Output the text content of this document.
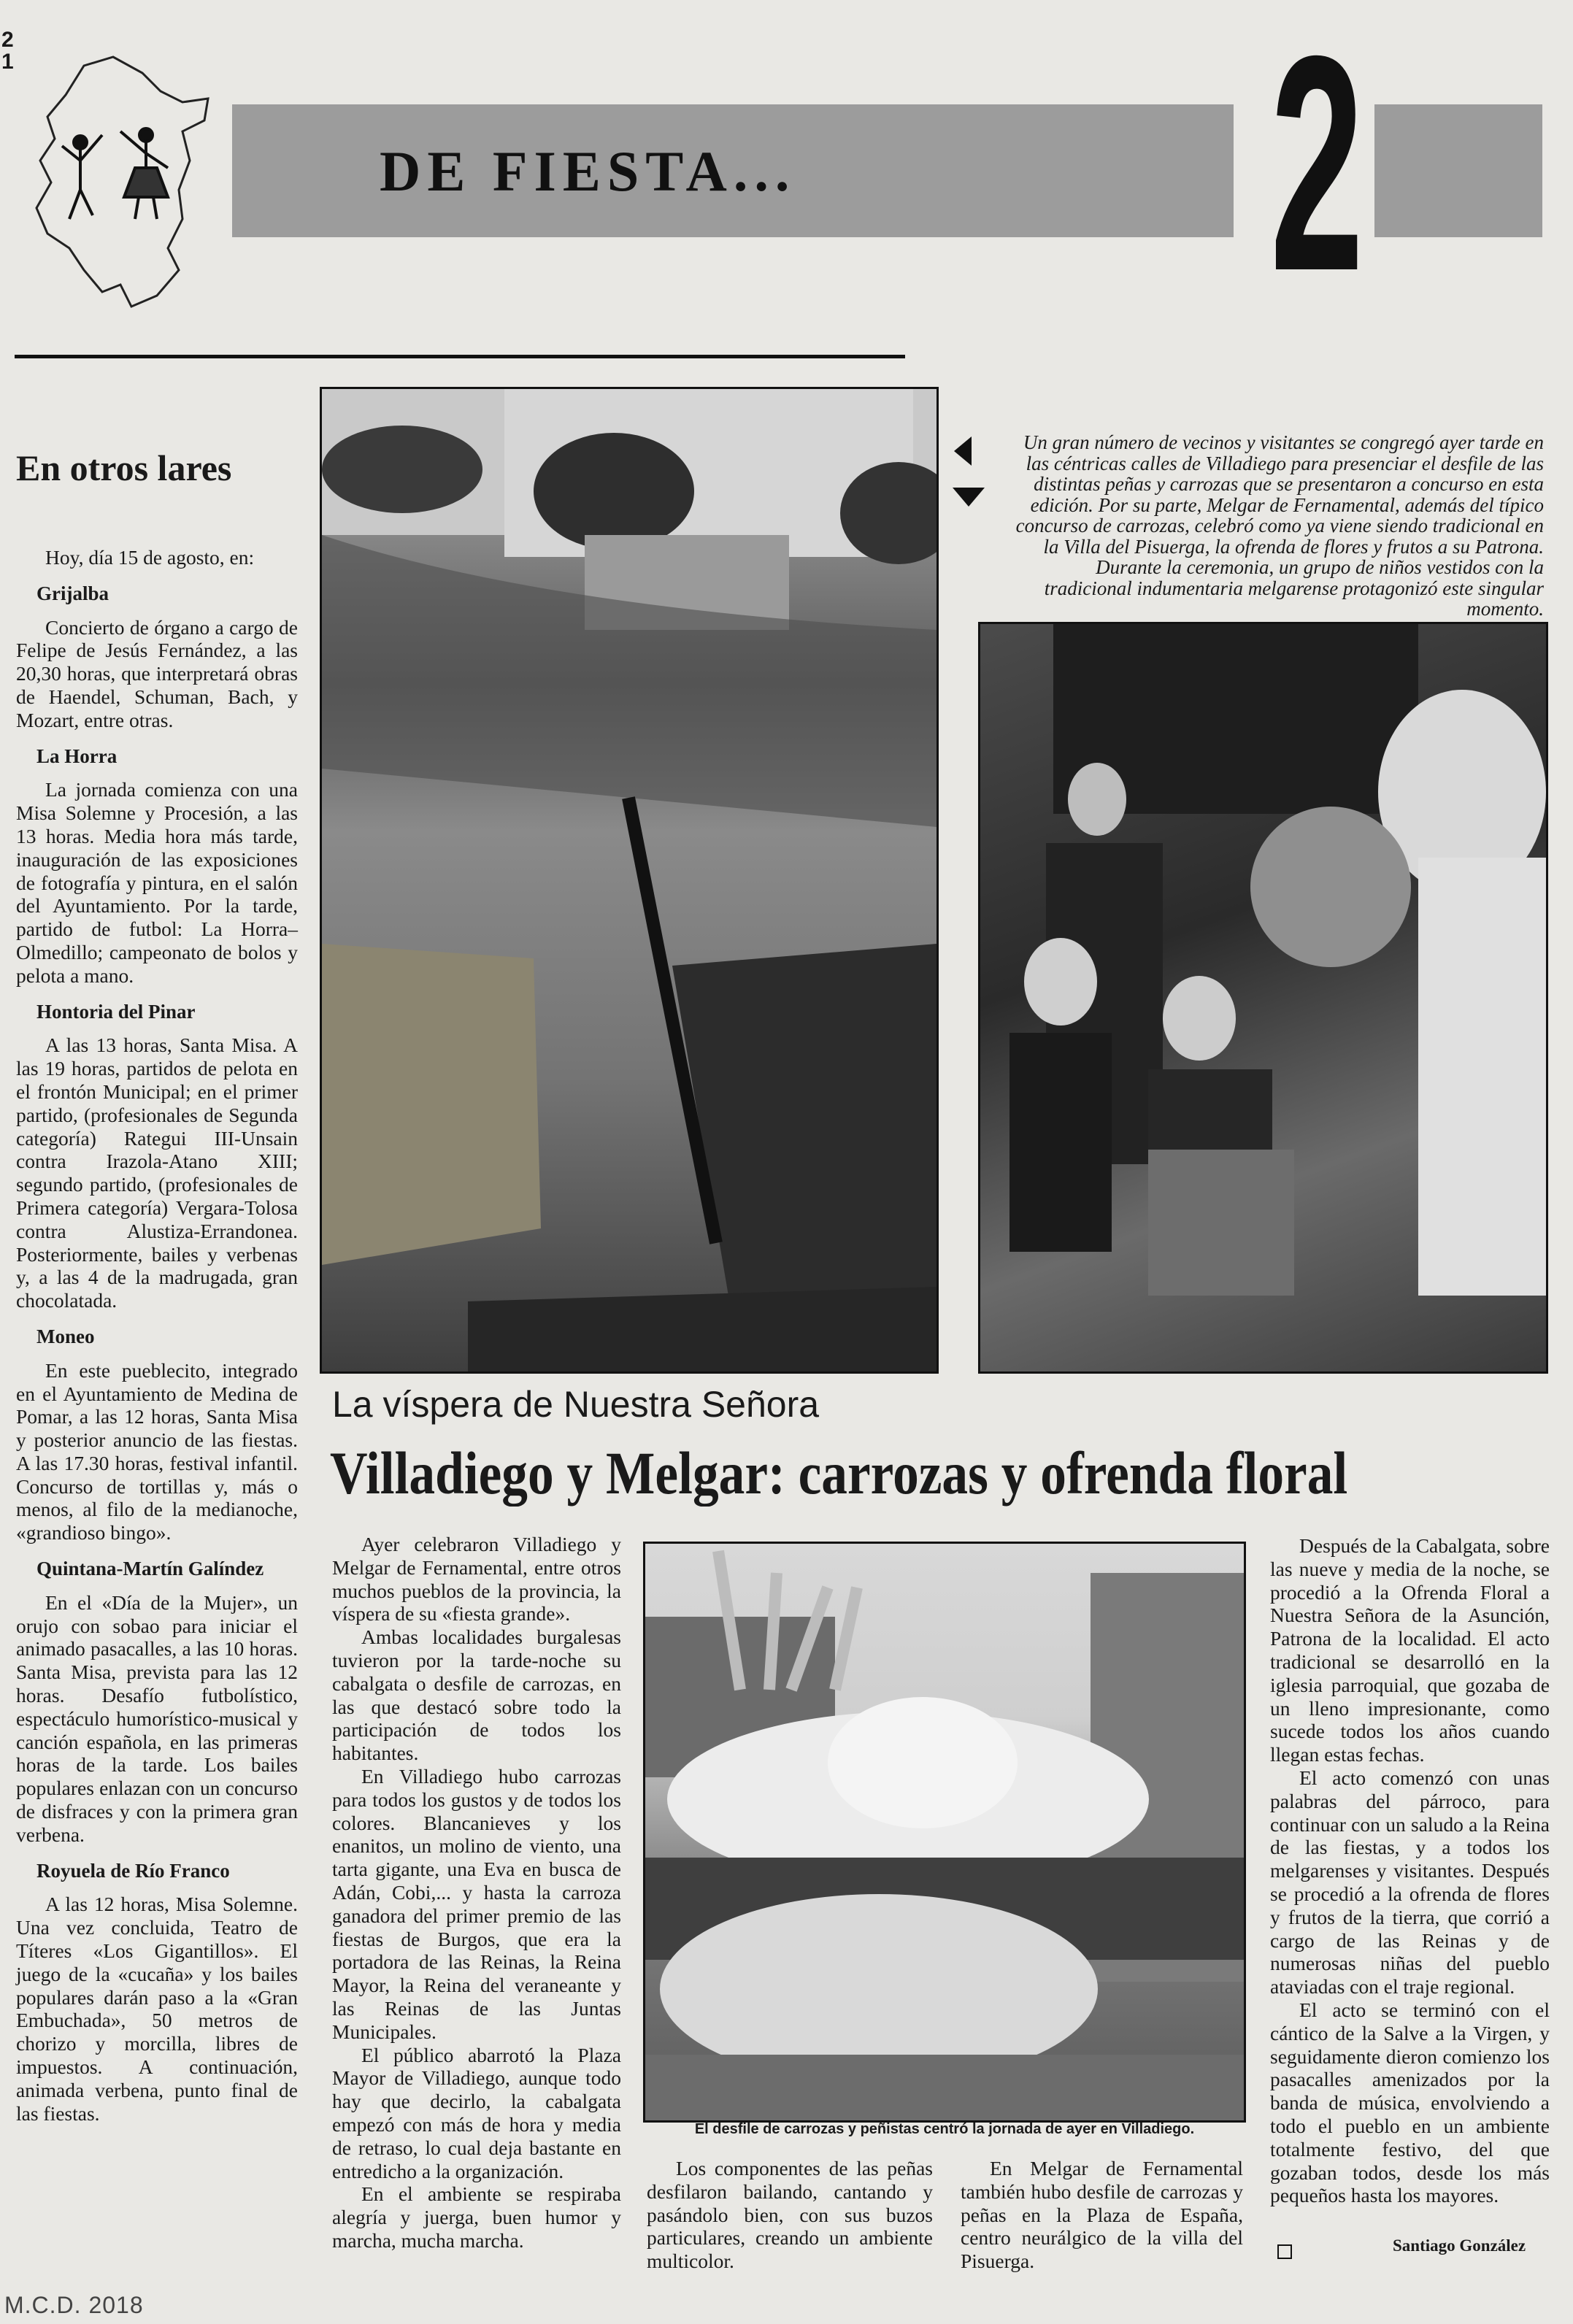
2
1
DE FIESTA... 2
En otros lares

Hoy, día 15 de agosto, en:

Grijalba

Concierto de órgano a cargo de Felipe de Jesús Fernández, a las 20,30 horas, que interpretará obras de Haendel, Schuman, Bach, y Mozart, entre otras.

La Horra

La jornada comienza con una Misa Solemne y Procesión, a las 13 horas. Media hora más tarde, inauguración de las exposiciones de fotografía y pintura, en el salón del Ayuntamiento. Por la tarde, partido de futbol: La Horra–Olmedillo; campeonato de bolos y pelota a mano.

Hontoria del Pinar

A las 13 horas, Santa Misa. A las 19 horas, partidos de pelota en el frontón Municipal; en el primer partido, (profesionales de Segunda categoría) Rategui III-Unsain contra Irazola-Atano XIII; segundo partido, (profesionales de Primera categoría) Vergara-Tolosa contra Alustiza-Errandonea. Posteriormente, bailes y verbenas y, a las 4 de la madrugada, gran chocolatada.

Moneo

En este pueblecito, integrado en el Ayuntamiento de Medina de Pomar, a las 12 horas, Santa Misa y posterior anuncio de las fiestas. A las 17.30 horas, festival infantil. Concurso de tortillas y, más o menos, al filo de la medianoche, «grandioso bingo».

Quintana-Martín Galíndez

En el «Día de la Mujer», un orujo con sobao para iniciar el animado pasacalles, a las 10 horas. Santa Misa, prevista para las 12 horas. Desafío futbolístico, espectáculo humorístico-musical y canción española, en las primeras horas de la tarde. Los bailes populares enlazan con un concurso de disfraces y con la primera gran verbena.

Royuela de Río Franco

A las 12 horas, Misa Solemne. Una vez concluida, Teatro de Títeres «Los Gigantillos». El juego de la «cucaña» y los bailes populares darán paso a la «Gran Embuchada», 50 metros de chorizo y morcilla, libres de impuestos. A continuación, animada verbena, punto final de las fiestas.

Un gran número de vecinos y visitantes se congregó ayer tarde en las céntricas calles de Villadiego para presenciar el desfile de las distintas peñas y carrozas que se presentaron a concurso en esta edición. Por su parte, Melgar de Fernamental, además del típico concurso de carrozas, celebró como ya viene siendo tradicional en la Villa del Pisuerga, la ofrenda de flores y frutos a su Patrona. Durante la ceremonia, un grupo de niños vestidos con la tradicional indumentaria melgarense protagonizó este singular momento.
La víspera de Nuestra Señora
Villadiego y Melgar: carrozas y ofrenda floral

Ayer celebraron Villadiego y Melgar de Fernamental, entre otros muchos pueblos de la provincia, la víspera de su «fiesta grande».

Ambas localidades burgalesas tuvieron por la tarde-noche su cabalgata o desfile de carrozas, en las que destacó sobre todo la participación de todos los habitantes.

En Villadiego hubo carrozas para todos los gustos y de todos los colores. Blancanieves y los enanitos, un molino de viento, una tarta gigante, una Eva en busca de Adán, Cobi,... y hasta la carroza ganadora del primer premio de las fiestas de Burgos, que era la portadora de las Reinas, la Reina Mayor, la Reina del veraneante y las Reinas de las Juntas Municipales.

El público abarrotó la Plaza Mayor de Villadiego, aunque todo hay que decirlo, la cabalgata empezó con más de hora y media de retraso, lo cual deja bastante en entredicho a la organización.

En el ambiente se respiraba alegría y juerga, buen humor y marcha, mucha marcha.

El desfile de carrozas y peñistas centró la jornada de ayer en Villadiego.

Los componentes de las peñas desfilaron bailando, cantando y pasándolo bien, con sus buzos particulares, creando un ambiente multicolor.

En Melgar de Fernamental también hubo desfile de carrozas y peñas en la Plaza de España, centro neurálgico de la villa del Pisuerga.

Después de la Cabalgata, sobre las nueve y media de la noche, se procedió a la Ofrenda Floral a Nuestra Señora de la Asunción, Patrona de la localidad. El acto tradicional se desarrolló en la iglesia parroquial, que gozaba de un lleno impresionante, como sucede todos los años cuando llegan estas fechas.

El acto comenzó con unas palabras del párroco, para continuar con un saludo a la Reina de las fiestas, y a todos los melgarenses y visitantes. Después se procedió a la ofrenda de flores y frutos de la tierra, que corrió a cargo de las Reinas y de numerosas niñas del pueblo ataviadas con el traje regional.

El acto se terminó con el cántico de la Salve a la Virgen, y seguidamente dieron comienzo los pasacalles amenizados por la banda de música, envolviendo a todo el pueblo en un ambiente totalmente festivo, del que gozaban todos, desde los más pequeños hasta los mayores.

Santiago González
M.C.D. 2018
